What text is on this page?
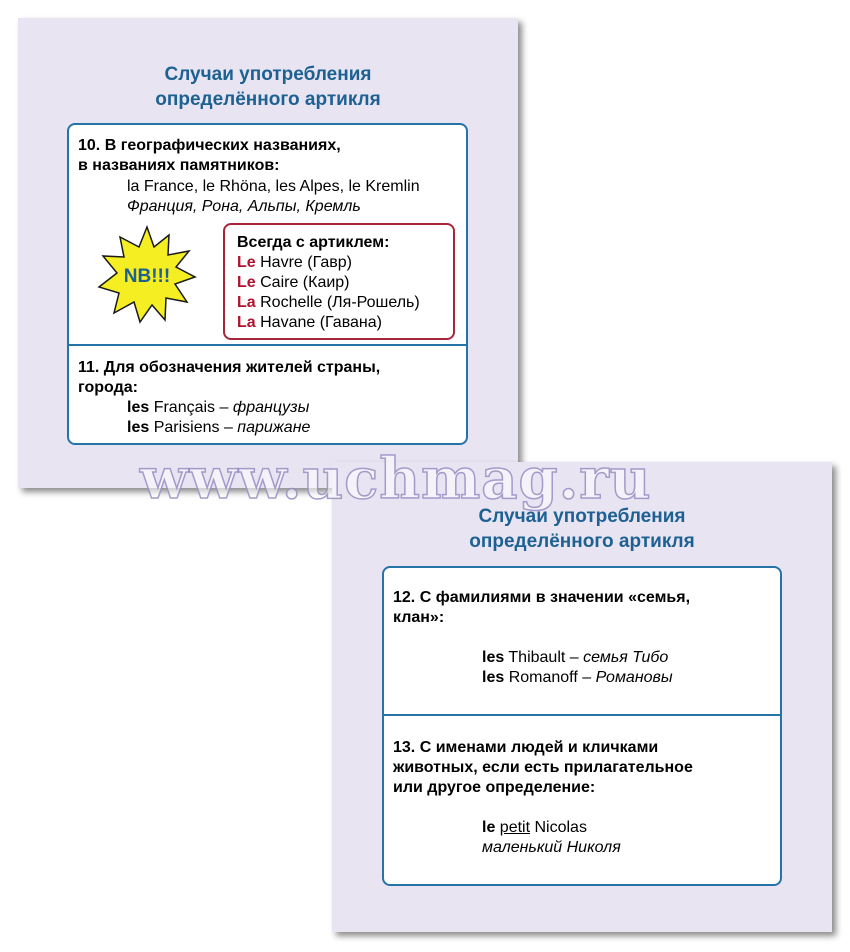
Случаи употребления
определённого артикля
10. В географических названиях,
в названиях памятников:
la France, le Rhöna, les Alpes, le Kremlin
Франция, Рона, Альпы, Кремль
NB!!!
Всегда с артиклем:
Le Havre (Гавр)
Le Caire (Каир)
La Rochelle (Ля-Рошель)
La Havane (Гавана)
11. Для обозначения жителей страны,
города:
les Français – французы
les Parisiens – парижане
Случаи употребления
определённого артикля
12. С фамилиями в значении «семья,
клан»:
les Thibault – семья Тибо
les Romanoff – Романовы
13. С именами людей и кличками
животных, если есть прилагательное
или другое определение:
le petit Nicolas
маленький Николя
www.uchmag.ru
